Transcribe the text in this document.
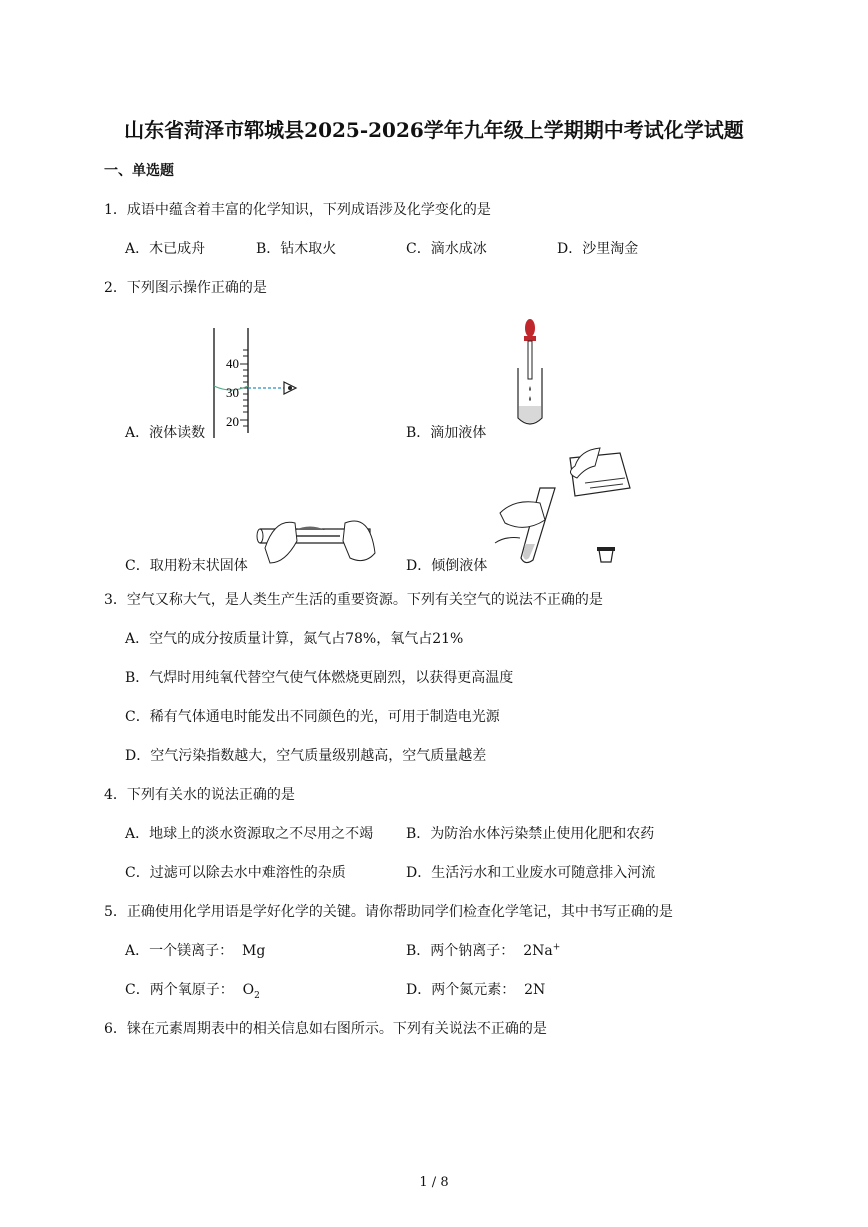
山东省菏泽市郓城县2025-2026学年九年级上学期期中考试化学试题
一、单选题
1．成语中蕴含着丰富的化学知识，下列成语涉及化学变化的是
A．木已成舟	B．钻木取火	C．滴水成冰	D．沙里淘金
2．下列图示操作正确的是
40
30
20
A．液体读数	B．滴加液体
C．取用粉末状固体	D．倾倒液体
3．空气又称大气，是人类生产生活的重要资源。下列有关空气的说法不正确的是
A．空气的成分按质量计算，氮气占78%，氧气占21%
B．气焊时用纯氧代替空气使气体燃烧更剧烈，以获得更高温度
C．稀有气体通电时能发出不同颜色的光，可用于制造电光源
D．空气污染指数越大，空气质量级别越高，空气质量越差
4．下列有关水的说法正确的是
A．地球上的淡水资源取之不尽用之不竭 B．为防治水体污染禁止使用化肥和农药
C．过滤可以除去水中难溶性的杂质	D．生活污水和工业废水可随意排入河流
5．正确使用化学用语是学好化学的关键。请你帮助同学们检查化学笔记，其中书写正确的是
A．一个镁离子： Mg	B．两个钠离子： 2Na+
C．两个氧原子： $O_2$	D．两个氮元素： 2N
6．铼在元素周期表中的相关信息如右图所示。下列有关说法不正确的是
1 / 8
